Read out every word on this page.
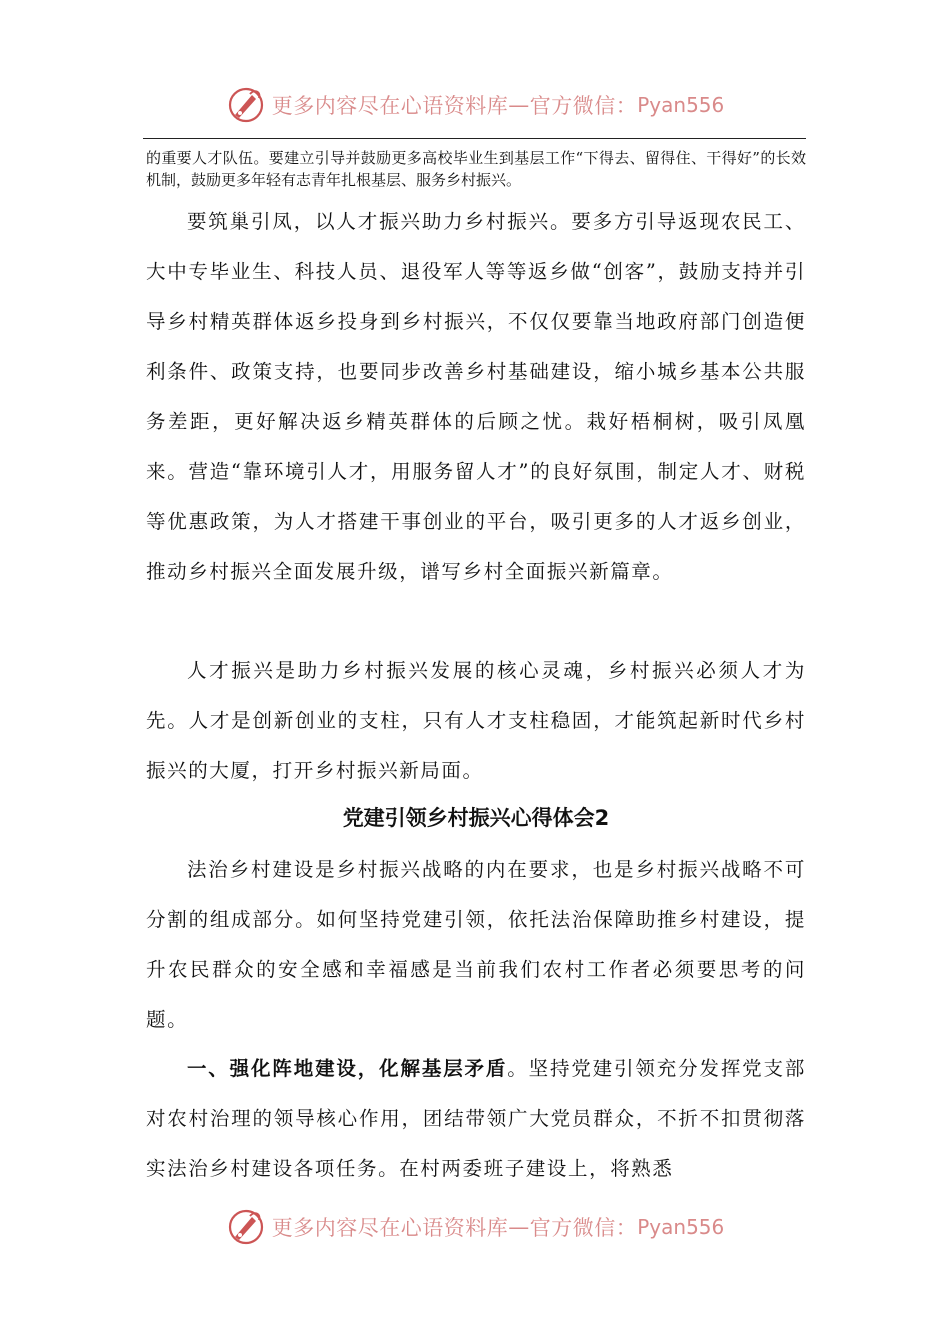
更多内容尽在心语资料库 — 官方微信： Pyan556

的重要人才队伍。要建立引导并鼓励更多高校毕业生到基层工作“下得去、留得住、干得好”的长效机制，鼓励更多年轻有志青年扎根基层、服务乡村振兴。

要筑巢引凤，以人才振兴助力乡村振兴。要多方引导返现农民工、大中专毕业生、科技人员、退役军人等等返乡做“创客”，鼓励支持并引导乡村精英群体返乡投身到乡村振兴，不仅仅要靠当地政府部门创造便利条件、政策支持，也要同步改善乡村基础建设，缩小城乡基本公共服务差距，更好解决返乡精英群体的后顾之忧。栽好梧桐树，吸引凤凰来。营造“靠环境引人才，用服务留人才”的良好氛围，制定人才、财税等优惠政策，为人才搭建干事创业的平台，吸引更多的人才返乡创业，推动乡村振兴全面发展升级，谱写乡村全面振兴新篇章。

人才振兴是助力乡村振兴发展的核心灵魂，乡村振兴必须人才为先。人才是创新创业的支柱，只有人才支柱稳固，才能筑起新时代乡村振兴的大厦，打开乡村振兴新局面。

党建引领乡村振兴心得体会2

法治乡村建设是乡村振兴战略的内在要求，也是乡村振兴战略不可分割的组成部分。如何坚持党建引领，依托法治保障助推乡村建设，提升农民群众的安全感和幸福感是当前我们农村工作者必须要思考的问题。

一、强化阵地建设，化解基层矛盾。坚持党建引领充分发挥党支部对农村治理的领导核心作用，团结带领广大党员群众，不折不扣贯彻落实法治乡村建设各项任务。在村两委班子建设上，将熟悉

更多内容尽在心语资料库 — 官方微信： Pyan556
